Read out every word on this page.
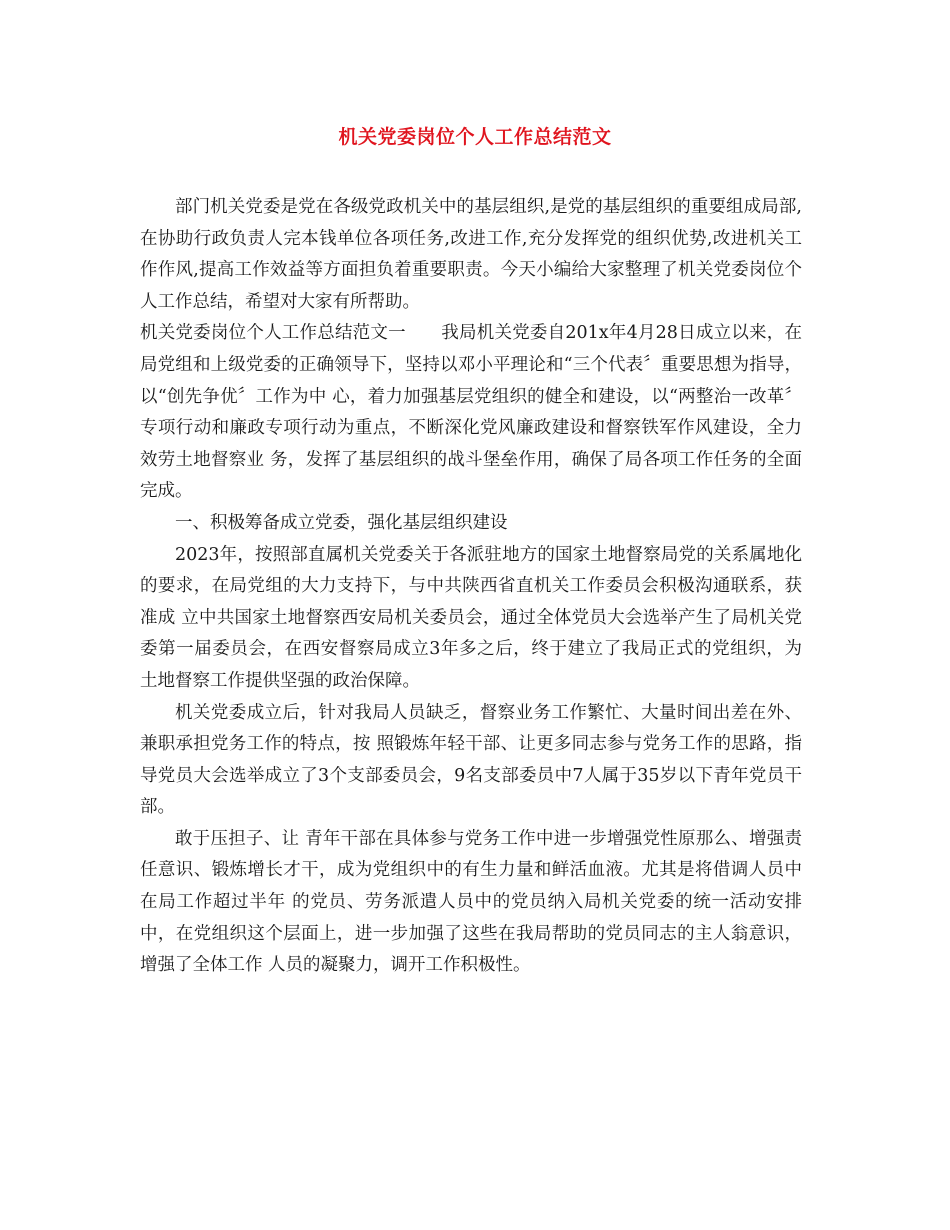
机关党委岗位个人工作总结范文

部门机关党委是党在各级党政机关中的基层组织,是党的基层组织的重要组成局部,在协助行政负责人完本钱单位各项任务,改进工作,充分发挥党的组织优势,改进机关工作作风,提高工作效益等方面担负着重要职责。今天小编给大家整理了机关党委岗位个人工作总结，希望对大家有所帮助。

机关党委岗位个人工作总结范文一　　我局机关党委自201x年4月28日成立以来，在局党组和上级党委的正确领导下，坚持以邓小平理论和“三个代表〞重要思想为指导，以“创先争优〞工作为中 心，着力加强基层党组织的健全和建设，以“两整治一改革〞专项行动和廉政专项行动为重点，不断深化党风廉政建设和督察铁军作风建设，全力效劳土地督察业 务，发挥了基层组织的战斗堡垒作用，确保了局各项工作任务的全面完成。

一、积极筹备成立党委，强化基层组织建设

2023年，按照部直属机关党委关于各派驻地方的国家土地督察局党的关系属地化的要求，在局党组的大力支持下，与中共陕西省直机关工作委员会积极沟通联系，获准成 立中共国家土地督察西安局机关委员会，通过全体党员大会选举产生了局机关党委第一届委员会，在西安督察局成立3年多之后，终于建立了我局正式的党组织，为 土地督察工作提供坚强的政治保障。

机关党委成立后，针对我局人员缺乏，督察业务工作繁忙、大量时间出差在外、兼职承担党务工作的特点，按 照锻炼年轻干部、让更多同志参与党务工作的思路，指导党员大会选举成立了3个支部委员会，9名支部委员中7人属于35岁以下青年党员干部。

敢于压担子、让 青年干部在具体参与党务工作中进一步增强党性原那么、增强责任意识、锻炼增长才干，成为党组织中的有生力量和鲜活血液。尤其是将借调人员中在局工作超过半年 的党员、劳务派遣人员中的党员纳入局机关党委的统一活动安排中，在党组织这个层面上，进一步加强了这些在我局帮助的党员同志的主人翁意识，增强了全体工作 人员的凝聚力，调开工作积极性。
